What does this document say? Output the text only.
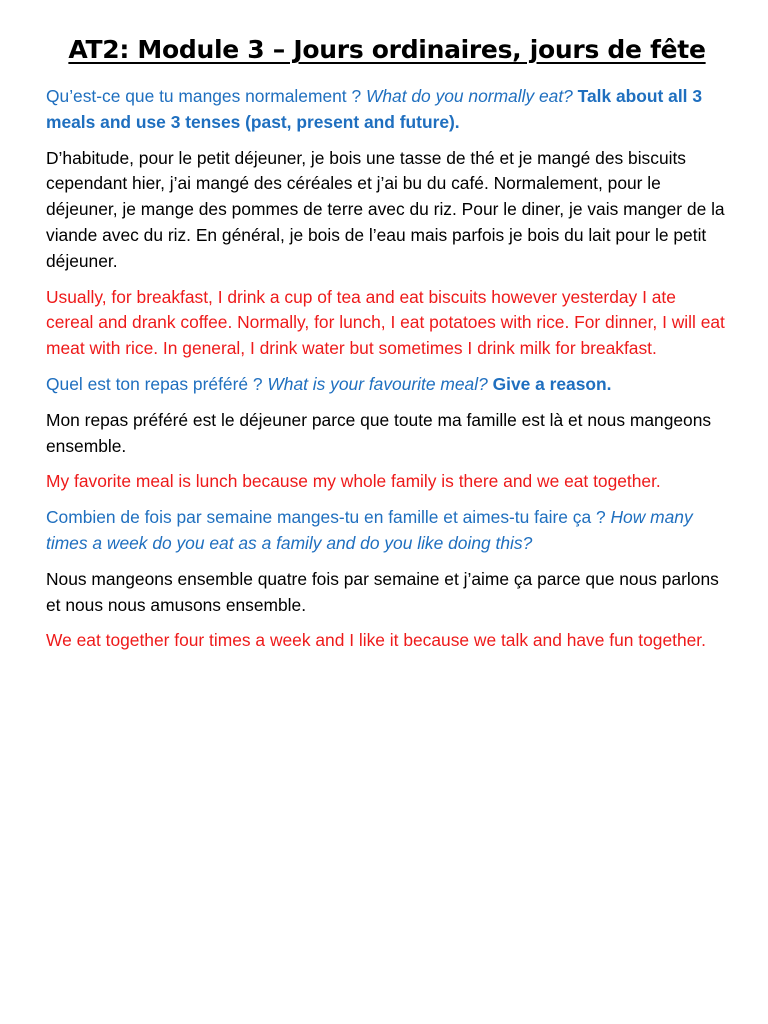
AT2: Module 3 – Jours ordinaires, jours de fête

Qu’est-ce que tu manges normalement ? What do you normally eat? Talk about all 3 meals and use 3 tenses (past, present and future).

D’habitude, pour le petit déjeuner, je bois une tasse de thé et je mangé des biscuits cependant hier, j’ai mangé des céréales et j’ai bu du café. Normalement, pour le déjeuner, je mange des pommes de terre avec du riz. Pour le diner, je vais manger de la viande avec du riz. En général, je bois de l’eau mais parfois je bois du lait pour le petit déjeuner.

Usually, for breakfast, I drink a cup of tea and eat biscuits however yesterday I ate cereal and drank coffee. Normally, for lunch, I eat potatoes with rice. For dinner, I will eat meat with rice. In general, I drink water but sometimes I drink milk for breakfast.

Quel est ton repas préféré ? What is your favourite meal? Give a reason.

Mon repas préféré est le déjeuner parce que toute ma famille est là et nous mangeons ensemble.

My favorite meal is lunch because my whole family is there and we eat together.

Combien de fois par semaine manges-tu en famille et aimes-tu faire ça ? How many times a week do you eat as a family and do you like doing this?

Nous mangeons ensemble quatre fois par semaine et j’aime ça parce que nous parlons et nous nous amusons ensemble.

We eat together four times a week and I like it because we talk and have fun together.
